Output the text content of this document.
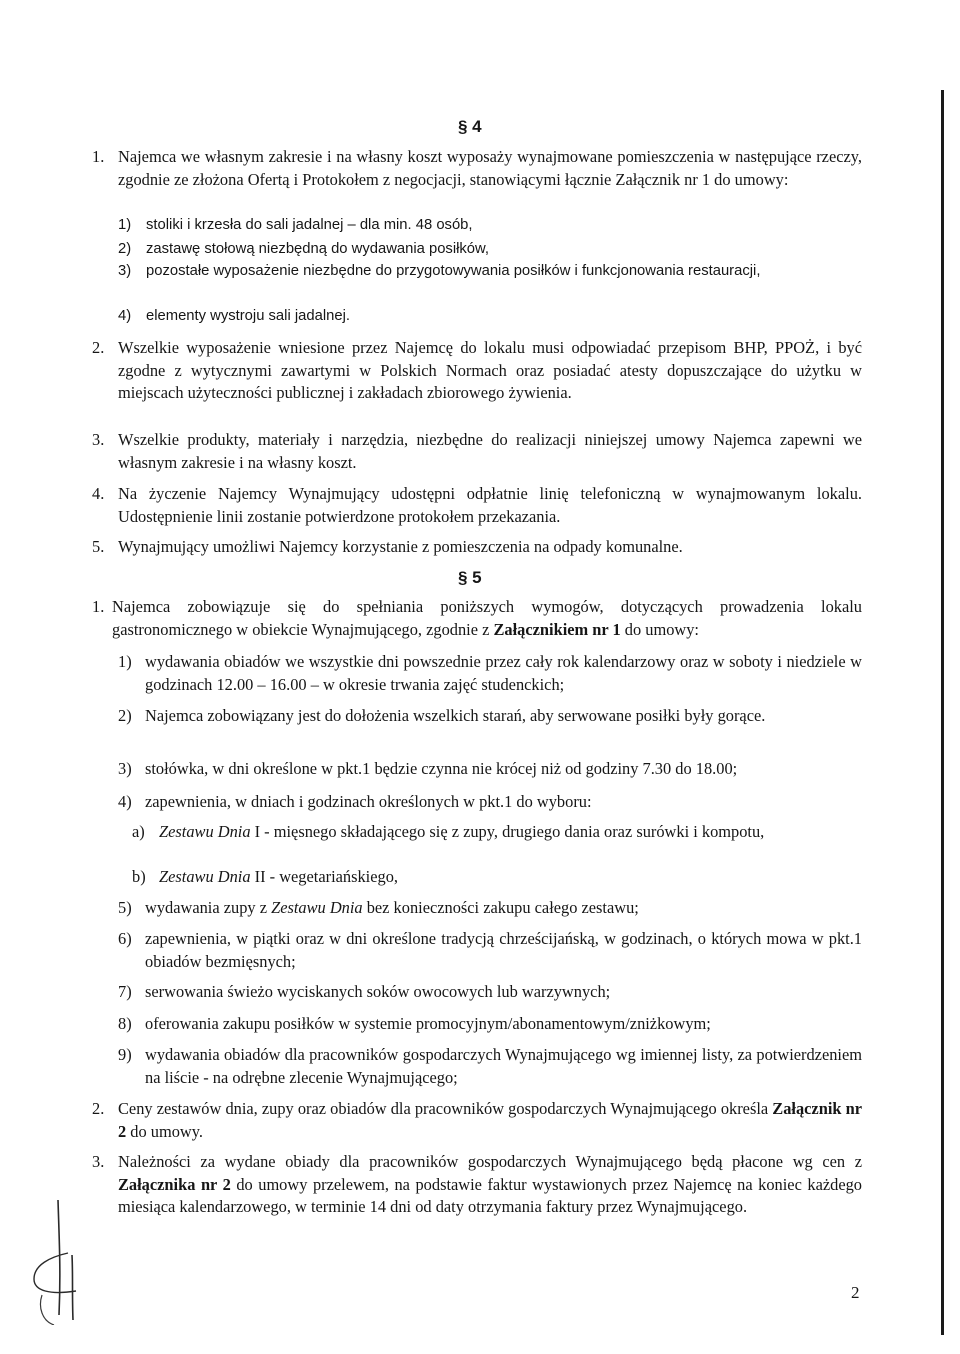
§ 4
1. Najemca we własnym zakresie i na własny koszt wyposaży wynajmowane pomieszczenia w następujące rzeczy, zgodnie ze złożona Ofertą i Protokołem z negocjacji, stanowiącymi łącznie Załącznik nr 1 do umowy:
1) stoliki i krzesła do sali jadalnej – dla min. 48 osób,
2) zastawę stołową niezbędną do wydawania posiłków,
3) pozostałe wyposażenie niezbędne do przygotowywania posiłków i funkcjonowania restauracji,
4) elementy wystroju sali jadalnej.
2. Wszelkie wyposażenie wniesione przez Najemcę do lokalu musi odpowiadać przepisom BHP, PPOŻ, i być zgodne z wytycznymi zawartymi w Polskich Normach oraz posiadać atesty dopuszczające do użytku w miejscach użyteczności publicznej i zakładach zbiorowego żywienia.
3. Wszelkie produkty, materiały i narzędzia, niezbędne do realizacji niniejszej umowy Najemca zapewni we własnym zakresie i na własny koszt.
4. Na życzenie Najemcy Wynajmujący udostępni odpłatnie linię telefoniczną w wynajmowanym lokalu. Udostępnienie linii zostanie potwierdzone protokołem przekazania.
5. Wynajmujący umożliwi Najemcy korzystanie z pomieszczenia na odpady komunalne.
§ 5
1. Najemca zobowiązuje się do spełniania poniższych wymogów, dotyczących prowadzenia lokalu gastronomicznego w obiekcie Wynajmującego, zgodnie z Załącznikiem nr 1 do umowy:
1) wydawania obiadów we wszystkie dni powszednie przez cały rok kalendarzowy oraz w soboty i niedziele w godzinach 12.00 – 16.00 – w okresie trwania zajęć studenckich;
2) Najemca zobowiązany jest do dołożenia wszelkich starań, aby serwowane posiłki były gorące.
3) stołówka, w dni określone w pkt.1 będzie czynna nie krócej niż od godziny 7.30 do 18.00;
4) zapewnienia, w dniach i godzinach określonych w pkt.1 do wyboru:
a) Zestawu Dnia I - mięsnego składającego się z zupy, drugiego dania oraz surówki i kompotu,
b) Zestawu Dnia II - wegetariańskiego,
5) wydawania zupy z Zestawu Dnia bez konieczności zakupu całego zestawu;
6) zapewnienia, w piątki oraz w dni określone tradycją chrześcijańską, w godzinach, o których mowa w pkt.1 obiadów bezmięsnych;
7) serwowania świeżo wyciskanych soków owocowych lub warzywnych;
8) oferowania zakupu posiłków w systemie promocyjnym/abonamentowym/zniżkowym;
9) wydawania obiadów dla pracowników gospodarczych Wynajmującego wg imiennej listy, za potwierdzeniem na liście - na odrębne zlecenie Wynajmującego;
2. Ceny zestawów dnia, zupy oraz obiadów dla pracowników gospodarczych Wynajmującego określa Załącznik nr 2 do umowy.
3. Należności za wydane obiady dla pracowników gospodarczych Wynajmującego będą płacone wg cen z Załącznika nr 2 do umowy przelewem, na podstawie faktur wystawionych przez Najemcę na koniec każdego miesiąca kalendarzowego, w terminie 14 dni od daty otrzymania faktury przez Wynajmującego.
2
